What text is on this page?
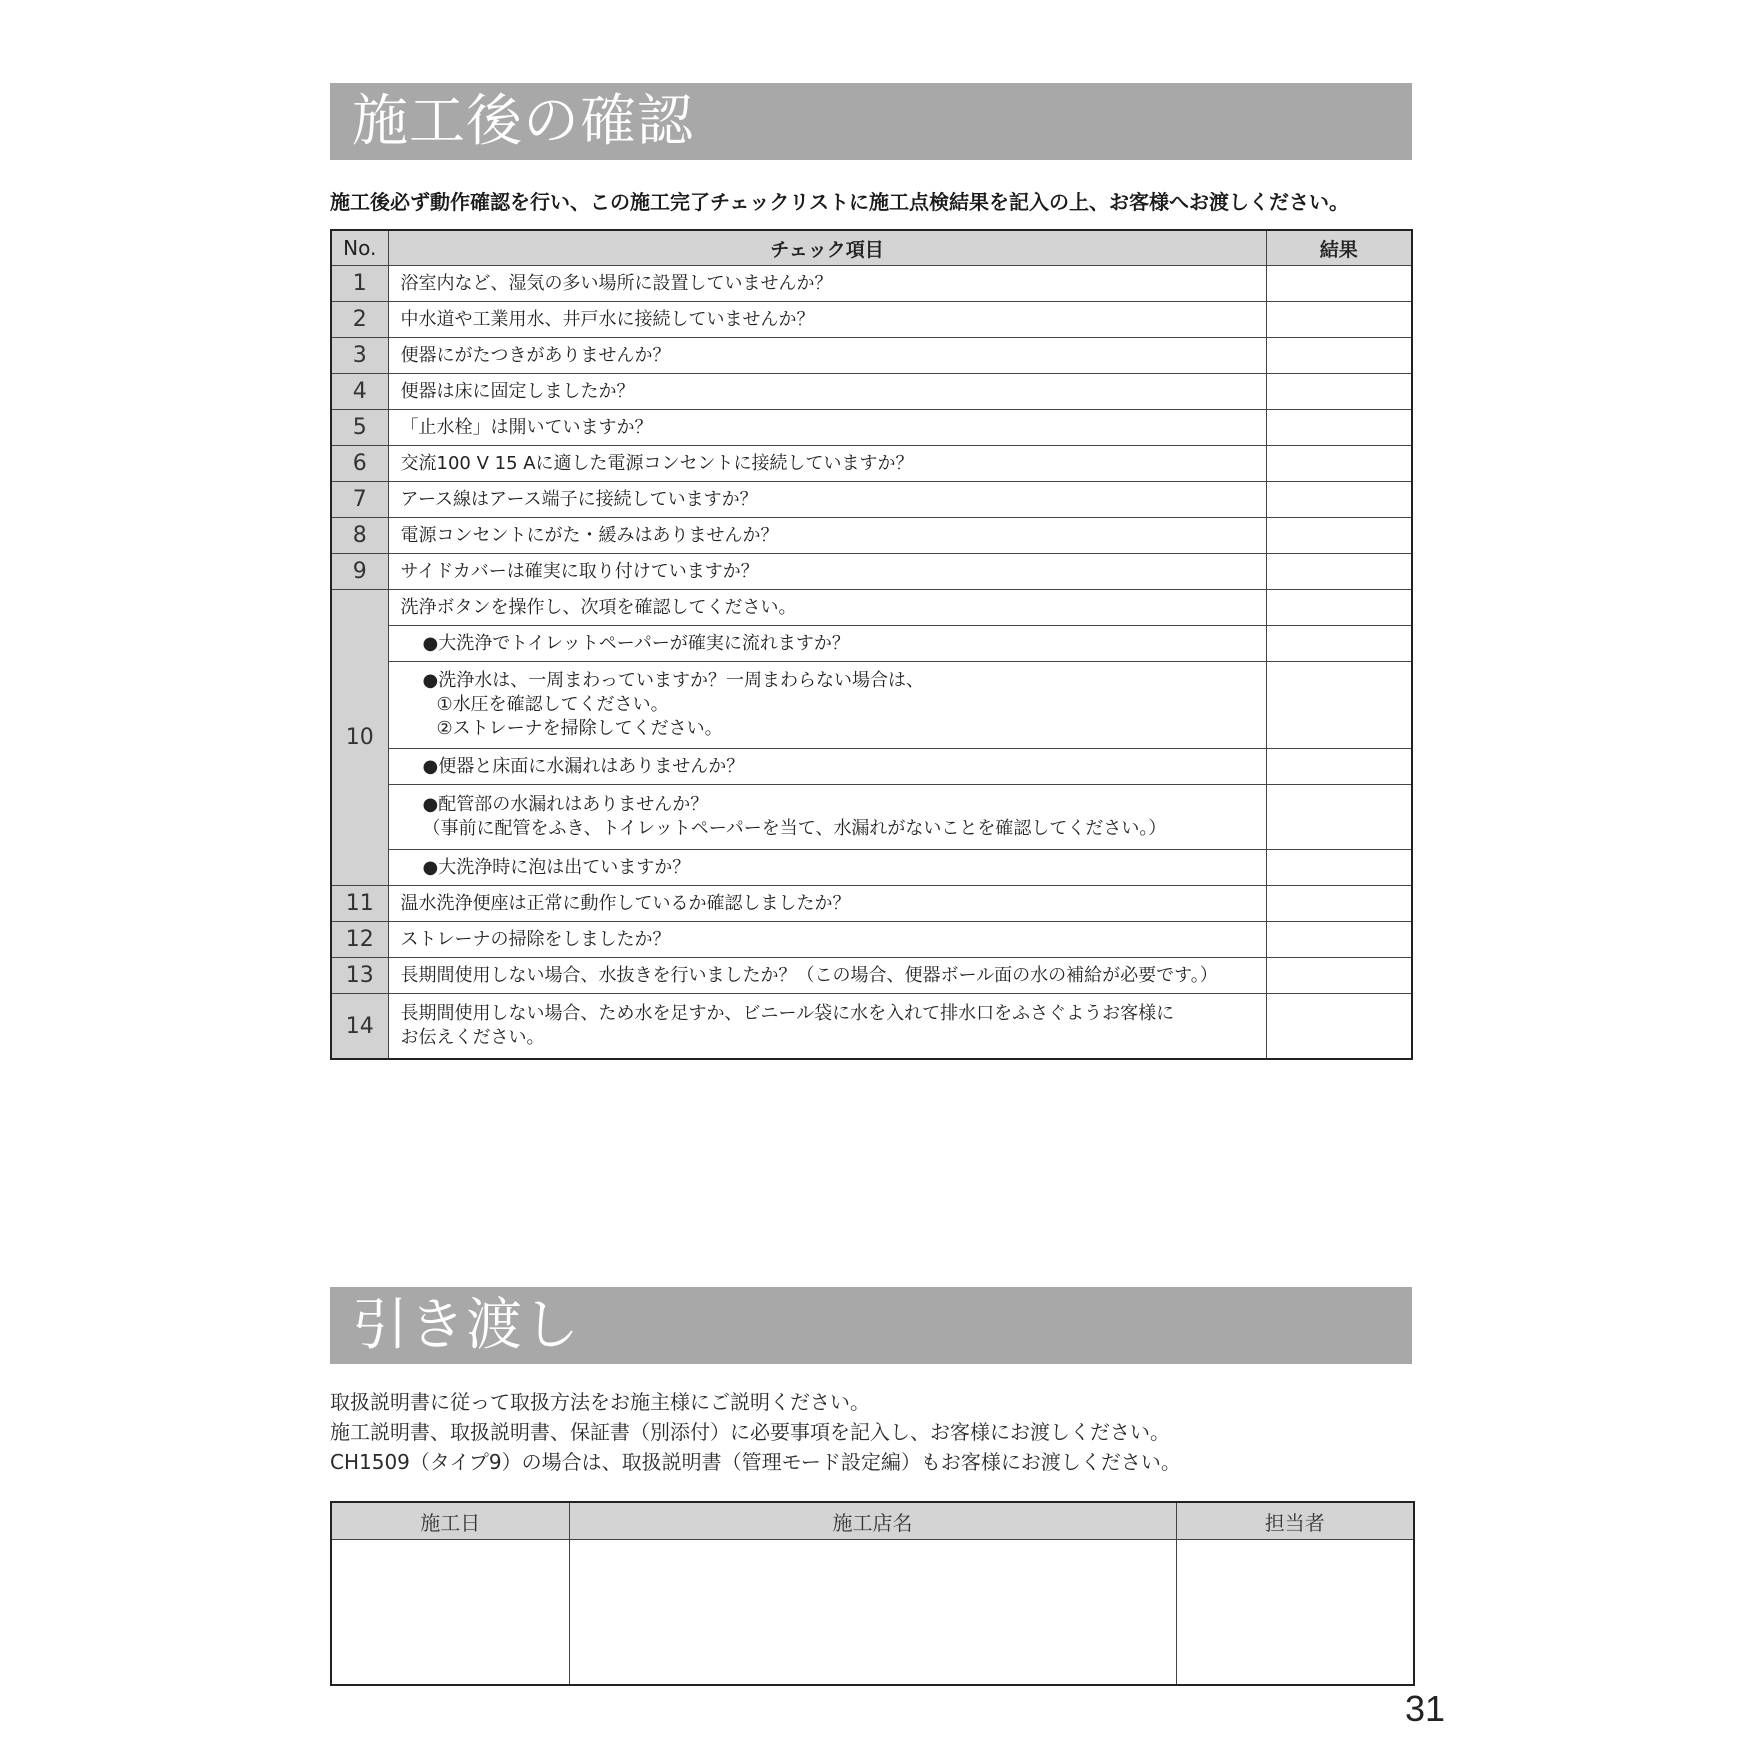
施工後の確認
施工後必ず動作確認を行い、この施工完了チェックリストに施工点検結果を記入の上、お客様へお渡しください。
No.	チェック項目	結果
1	浴室内など、湿気の多い場所に設置していませんか？	
2	中水道や工業用水、井戸水に接続していませんか？	
3	便器にがたつきがありませんか？	
4	便器は床に固定しましたか？	
5	「止水栓」は開いていますか？	
6	交流100 V 15 Aに適した電源コンセントに接続していますか？	
7	アース線はアース端子に接続していますか？	
8	電源コンセントにがた・緩みはありませんか？	
9	サイドカバーは確実に取り付けていますか？	
10	洗浄ボタンを操作し、次項を確認してください。	
	●大洗浄でトイレットペーパーが確実に流れますか？	

	●洗浄水は、一周まわっていますか？一周まわらない場合は、
①水圧を確認してください。
②ストレーナを掃除してください。	

	●便器と床面に水漏れはありませんか？	

	●配管部の水漏れはありませんか？
（事前に配管をふき、トイレットペーパーを当て、水漏れがないことを確認してください。）	

	●大洗浄時に泡は出ていますか？	
11	温水洗浄便座は正常に動作しているか確認しましたか？	
12	ストレーナの掃除をしましたか？	
13	長期間使用しない場合、水抜きを行いましたか？（この場合、便器ボール面の水の補給が必要です。）	
14	長期間使用しない場合、ため水を足すか、ビニール袋に水を入れて排水口をふさぐようお客様に
お伝えください。	

引き渡し
取扱説明書に従って取扱方法をお施主様にご説明ください。
施工説明書、取扱説明書、保証書（別添付）に必要事項を記入し、お客様にお渡しください。
CH1509（タイプ9）の場合は、取扱説明書（管理モード設定編）もお客様にお渡しください。
施工日	施工店名	担当者

31
